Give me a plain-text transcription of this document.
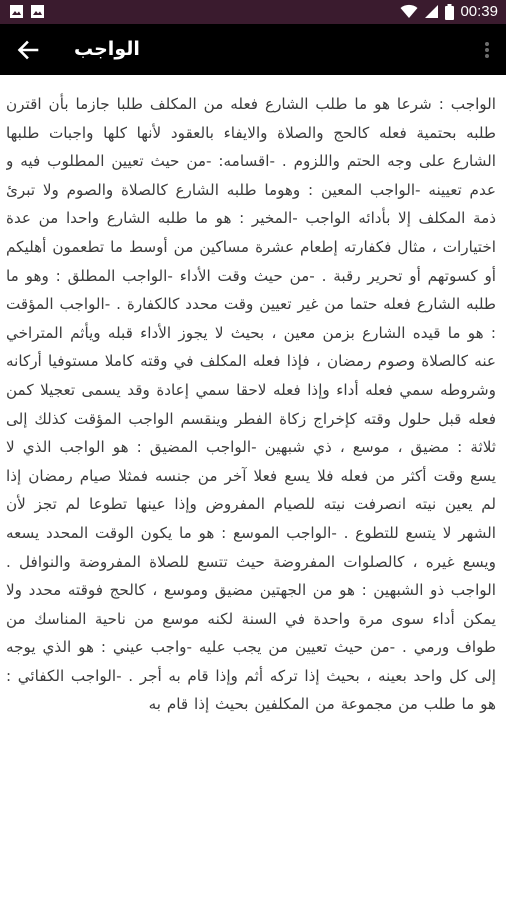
00:39
الواجب

الواجب : شرعا هو ما طلب الشارع فعله من المكلف طلبا جازما بأن اقترن طلبه بحتمية فعله كالحج والصلاة والايفاء بالعقود لأنها كلها واجبات طلبها الشارع على وجه الحتم واللزوم . -اقسامه: -من حيث تعيين المطلوب فيه و عدم تعيينه -الواجب المعين : وهوما طلبه الشارع كالصلاة والصوم ولا تبرئ ذمة المكلف إلا بأدائه الواجب -المخير : هو ما طلبه الشارع واحدا من عدة اختيارات ، مثال فكفارته إطعام عشرة مساكين من أوسط ما تطعمون أهليكم أو كسوتهم أو تحرير رقبة . -من حيث وقت الأداء -الواجب المطلق : وهو ما طلبه الشارع فعله حتما من غير تعيين وقت محدد كالكفارة . -الواجب المؤقت : هو ما قيده الشارع بزمن معين ، بحيث لا يجوز الأداء قبله ويأثم المتراخي عنه كالصلاة وصوم رمضان ، فإذا فعله المكلف في وقته كاملا مستوفيا أركانه وشروطه سمي فعله أداء وإذا فعله لاحقا سمي إعادة وقد يسمى تعجيلا كمن فعله قبل حلول وقته كإخراج زكاة الفطر وينقسم الواجب المؤقت كذلك إلى ثلاثة : مضيق ، موسع ، ذي شبهين -الواجب المضيق : هو الواجب الذي لا يسع وقت أكثر من فعله فلا يسع فعلا آخر من جنسه فمثلا صيام رمضان إذا لم يعين نيته انصرفت نيته للصيام المفروض وإذا عينها تطوعا لم تجز لأن الشهر لا يتسع للتطوع . -الواجب الموسع : هو ما يكون الوقت المحدد يسعه ويسع غيره ، كالصلوات المفروضة حيث تتسع للصلاة المفروضة والنوافل . الواجب ذو الشبهين : هو من الجهتين مضيق وموسع ، كالحج فوقته محدد ولا يمكن أداء سوى مرة واحدة في السنة لكنه موسع من ناحية المناسك من طواف ورمي . -من حيث تعيين من يجب عليه -واجب عيني : هو الذي يوجه إلى كل واحد بعينه ، بحيث إذا تركه أثم وإذا قام به أجر . -الواجب الكفائي : هو ما طلب من مجموعة من المكلفين بحيث إذا قام به
